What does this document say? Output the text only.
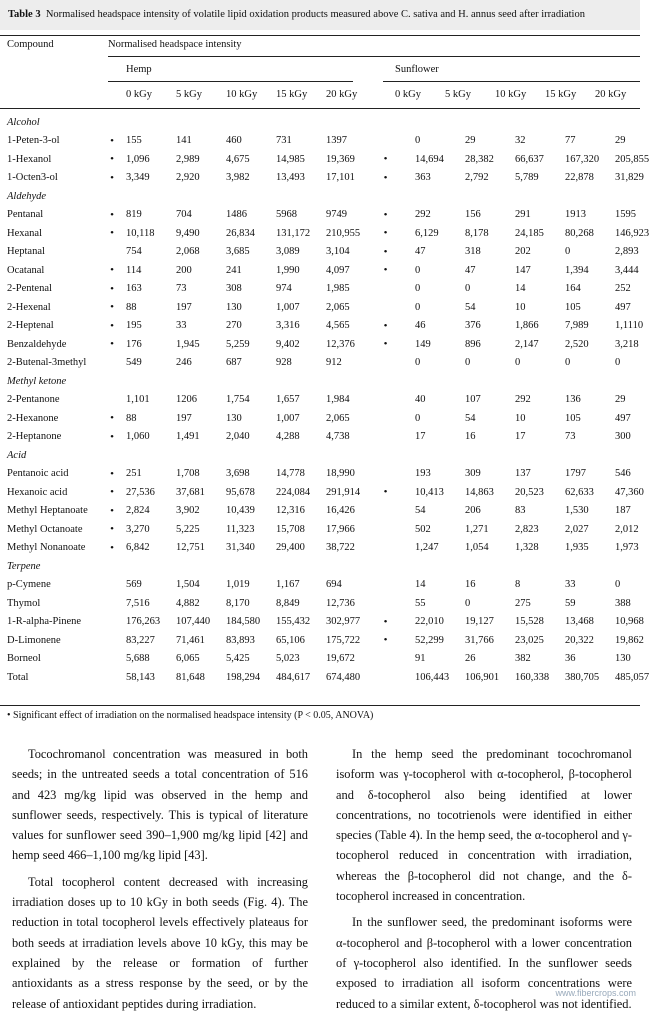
Table 3 Normalised headspace intensity of volatile lipid oxidation products measured above C. sativa and H. annus seed after irradiation
Compound	Normalised headspace intensity
Hemp	Sunflower
0 kGy 5 kGy 10 kGy 15 kGy 20 kGy	0 kGy 5 kGy 10 kGy 15 kGy 20 kGy
Alcohol													
1-Peten-3-ol	•	155	141	460	731	1397			0	29	32	77	29
1-Hexanol	•	1,096	2,989	4,675	14,985	19,369	•		14,694	28,382	66,637	167,320	205,855
1-Octen3-ol	•	3,349	2,920	3,982	13,493	17,101	•		363	2,792	5,789	22,878	31,829
Aldehyde													
Pentanal	•	819	704	1486	5968	9749	•		292	156	291	1913	1595
Hexanal	•	10,118	9,490	26,834	131,172	210,955	•		6,129	8,178	24,185	80,268	146,923
Heptanal		754	2,068	3,685	3,089	3,104	•		47	318	202	0	2,893
Ocatanal	•	114	200	241	1,990	4,097	•		0	47	147	1,394	3,444
2-Pentenal	•	163	73	308	974	1,985			0	0	14	164	252
2-Hexenal	•	88	197	130	1,007	2,065			0	54	10	105	497
2-Heptenal	•	195	33	270	3,316	4,565	•		46	376	1,866	7,989	1,1110
Benzaldehyde	•	176	1,945	5,259	9,402	12,376	•		149	896	2,147	2,520	3,218
2-Butenal-3methyl		549	246	687	928	912			0	0	0	0	0
Methyl ketone													
2-Pentanone		1,101	1206	1,754	1,657	1,984			40	107	292	136	29
2-Hexanone	•	88	197	130	1,007	2,065			0	54	10	105	497
2-Heptanone	•	1,060	1,491	2,040	4,288	4,738			17	16	17	73	300
Acid													
Pentanoic acid	•	251	1,708	3,698	14,778	18,990			193	309	137	1797	546
Hexanoic acid	•	27,536	37,681	95,678	224,084	291,914	•		10,413	14,863	20,523	62,633	47,360
Methyl Heptanoate	•	2,824	3,902	10,439	12,316	16,426			54	206	83	1,530	187
Methyl Octanoate	•	3,270	5,225	11,323	15,708	17,966			502	1,271	2,823	2,027	2,012
Methyl Nonanoate	•	6,842	12,751	31,340	29,400	38,722			1,247	1,054	1,328	1,935	1,973
Terpene													
p-Cymene		569	1,504	1,019	1,167	694			14	16	8	33	0
Thymol		7,516	4,882	8,170	8,849	12,736			55	0	275	59	388
1-R-alpha-Pinene		176,263	107,440	184,580	155,432	302,977	•		22,010	19,127	15,528	13,468	10,968
D-Limonene		83,227	71,461	83,893	65,106	175,722	•		52,299	31,766	23,025	20,322	19,862
Borneol		5,688	6,065	5,425	5,023	19,672			91	26	382	36	130
Total		58,143	81,648	198,294	484,617	674,480			106,443	106,901	160,338	380,705	485,057
• Significant effect of irradiation on the normalised headspace intensity (P < 0.05, ANOVA)

Tocochromanol concentration was measured in both seeds; in the untreated seeds a total concentration of 516 and 423 mg/kg lipid was observed in the hemp and sunflower seeds, respectively. This is typical of literature values for sunflower seed 390–1,900 mg/kg lipid [42] and hemp seed 466–1,100 mg/kg lipid [43].

Total tocopherol content decreased with increasing irradiation doses up to 10 kGy in both seeds (Fig. 4). The reduction in total tocopherol levels effectively plateaus for both seeds at irradiation levels above 10 kGy, this may be explained by the release or formation of further antioxidants as a stress response by the seed, or by the release of antioxidant peptides during irradiation.

In the hemp seed the predominant tocochromanol isoform was γ-tocopherol with α-tocopherol, β-tocopherol and δ-tocopherol also being identified at lower concentrations, no tocotrienols were identified in either species (Table 4). In the hemp seed, the α-tocopherol and γ-tocopherol reduced in concentration with irradiation, whereas the β-tocopherol did not change, and the δ-tocopherol increased in concentration.

In the sunflower seed, the predominant isoforms were α-tocopherol and β-tocopherol with a lower concentration of γ-tocopherol also identified. In the sunflower seeds exposed to irradiation all isoform concentrations were reduced to a similar extent, δ-tocopherol was not identified.

www.fibercrops.com
